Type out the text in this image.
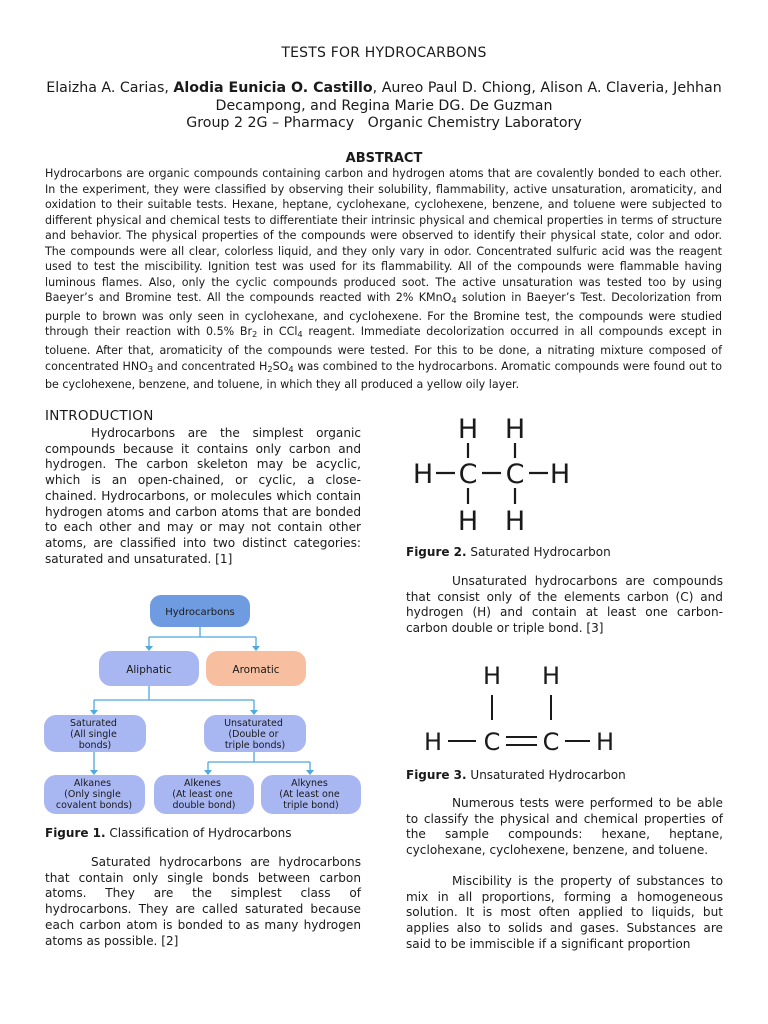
TESTS FOR HYDROCARBONS
Elaizha A. Carias, Alodia Eunicia O. Castillo, Aureo Paul D. Chiong, Alison A. Claveria, Jehhan
Decampong, and Regina Marie DG. De Guzman
Group 2 2G – Pharmacy   Organic Chemistry Laboratory
ABSTRACT

Hydrocarbons are organic compounds containing carbon and hydrogen atoms that are covalently bonded to each other. In the experiment, they were classified by observing their solubility, flammability, active unsaturation, aromaticity, and oxidation to their suitable tests. Hexane, heptane, cyclohexane, cyclohexene, benzene, and toluene were subjected to different physical and chemical tests to differentiate their intrinsic physical and chemical properties in terms of structure and behavior. The physical properties of the compounds were observed to identify their physical state, color and odor. The compounds were all clear, colorless liquid, and they only vary in odor. Concentrated sulfuric acid was the reagent used to test the miscibility. Ignition test was used for its flammability. All of the compounds were flammable having luminous flames. Also, only the cyclic compounds produced soot. The active unsaturation was tested too by using Baeyer’s and Bromine test. All the compounds reacted with 2% KMnO$_4$ solution in Baeyer’s Test. Decolorization from purple to brown was only seen in cyclohexane, and cyclohexene. For the Bromine test, the compounds were studied through their reaction with 0.5% $Br_2$ in CCl$_4$ reagent. Immediate decolorization occurred in all compounds except in toluene. After that, aromaticity of the compounds were tested. For this to be done, a nitrating mixture composed of concentrated $HNO_3$ and concentrated $H_2SO_4$ was combined to the hydrocarbons. Aromatic compounds were found out to be cyclohexene, benzene, and toluene, in which they all produced a yellow oily layer.

INTRODUCTION

Hydrocarbons are the simplest organic compounds because it contains only carbon and hydrogen. The carbon skeleton may be acyclic, which is an open-chained, or cyclic, a close-chained. Hydrocarbons, or molecules which contain hydrogen atoms and carbon atoms that are bonded to each other and may or may not contain other atoms, are classified into two distinct categories: saturated and unsaturated. [1]

Hydrocarbons
Aliphatic	Aromatic
Saturated (All single bonds)
Unsaturated (Double or triple bonds)
Alkanes (Only single covalent bonds)
Alkenes (At least one double bond)
Alkynes (At least one triple bond)

Figure 1. Classification of Hydrocarbons

Saturated hydrocarbons are hydrocarbons that contain only single bonds between carbon atoms. They are the simplest class of hydrocarbons. They are called saturated because each carbon atom is bonded to as many hydrogen atoms as possible. [2]

H H
H C C H
H H

Figure 2. Saturated Hydrocarbon

Unsaturated hydrocarbons are compounds that consist only of the elements carbon (C) and hydrogen (H) and contain at least one carbon-carbon double or triple bond. [3]

H H
H C C H

Figure 3. Unsaturated Hydrocarbon

Numerous tests were performed to be able to classify the physical and chemical properties of the sample compounds: hexane, heptane, cyclohexane, cyclohexene, benzene, and toluene.

Miscibility is the property of substances to mix in all proportions, forming a homogeneous solution. It is most often applied to liquids, but applies also to solids and gases. Substances are said to be immiscible if a significant proportion
